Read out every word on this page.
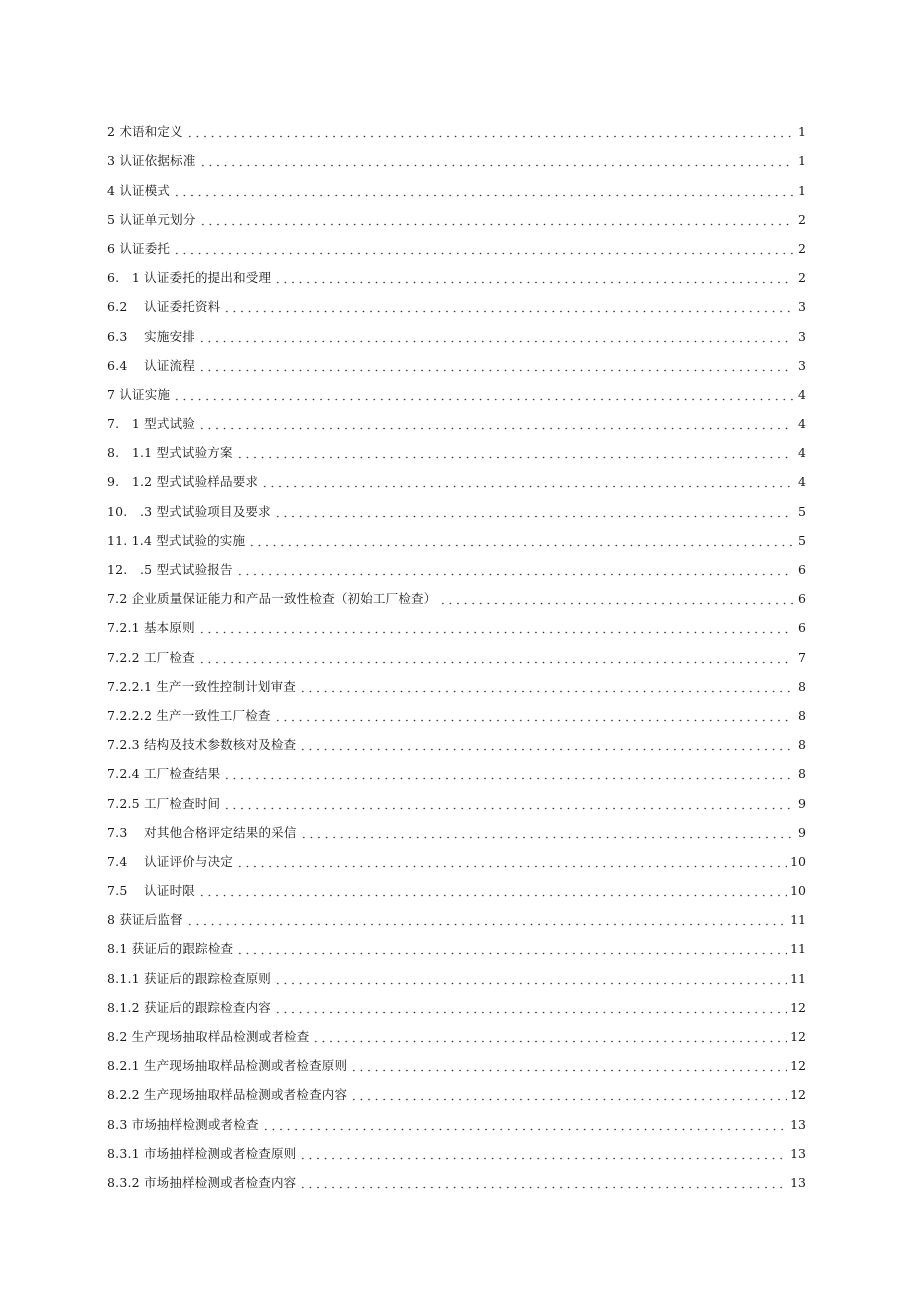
2 术语和定义	1
3 认证依据标准	1
4 认证模式	1
5 认证单元划分	2
6 认证委托	2
6.   1 认证委托的提出和受理	2
6.2    认证委托资料	3
6.3    实施安排	3
6.4    认证流程	3
7 认证实施	4
7.   1 型式试验	4
8.   1.1 型式试验方案	4
9.   1.2 型式试验样品要求	4
10.   .3 型式试验项目及要求	5
11. 1.4 型式试验的实施	5
12.   .5 型式试验报告	6
7.2 企业质量保证能力和产品一致性检查（初始工厂检查）	6
7.2.1 基本原则	6
7.2.2 工厂检查	7
7.2.2.1 生产一致性控制计划审查	8
7.2.2.2 生产一致性工厂检查	8
7.2.3 结构及技术参数核对及检查	8
7.2.4 工厂检查结果	8
7.2.5 工厂检查时间	9
7.3    对其他合格评定结果的采信	9
7.4    认证评价与决定	10
7.5    认证时限	10
8 获证后监督	11
8.1 获证后的跟踪检查	11
8.1.1 获证后的跟踪检查原则	11
8.1.2 获证后的跟踪检查内容	12
8.2 生产现场抽取样品检测或者检查	12
8.2.1 生产现场抽取样品检测或者检查原则	12
8.2.2 生产现场抽取样品检测或者检查内容	12
8.3 市场抽样检测或者检查	13
8.3.1 市场抽样检测或者检查原则	13
8.3.2 市场抽样检测或者检查内容	13
